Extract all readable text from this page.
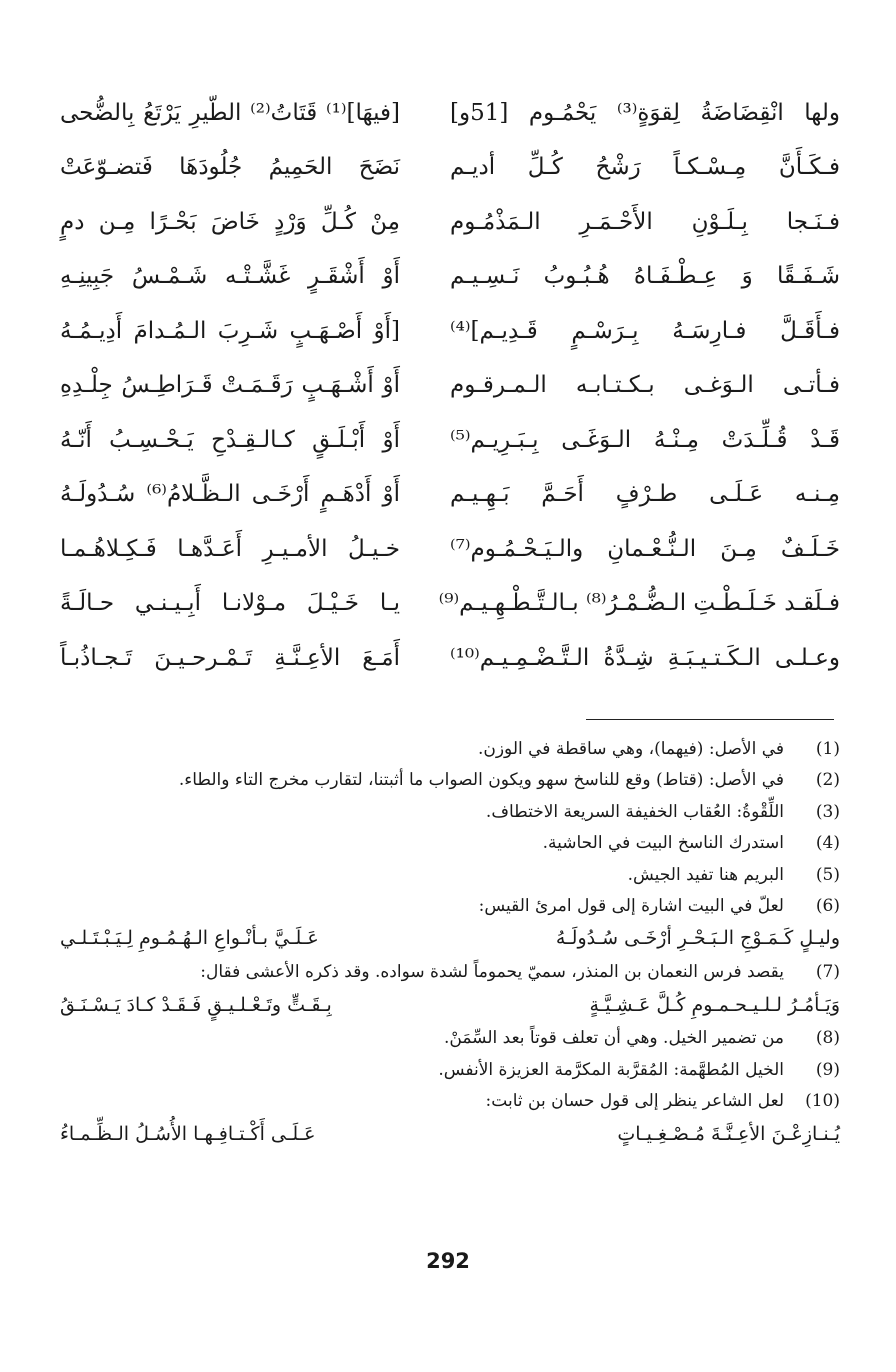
[فيهَا]⁽¹⁾ قَتَاتُ⁽²⁾ الطّيرِ يَرْتَعُ بِالضُّحى ولها انْقِضَاضَةُ لِقوَةٍ⁽³⁾ يَحْمُـوم [51و]
نَضَحَ الحَمِيمُ جُلُودَهَا فَتضـوّعَتْ فـكَـأَنَّ مِـسْـكـاً رَشْحُ كُـلِّ أديـم
مِنْ كُـلِّ وَرْدٍ خَاضَ بَحْـرًا مِـن دمٍ فـنَـجا بِـلَـوْنِ الأَحْـمَـرِ الـمَذْمُـوم
أَوْ أَشْقَـرٍ غَشَّـتْـه شَـمْـسُ جَبِينِـهِ شَـفَـقًا وَ عِـطْـفَـاهُ هُـبُـوبُ نَـسِـيـم
[أَوْ أَصْـهَـبٍ شَـرِبَ الـمُـدامَ أَدِيـمُـهُ فـأَقَـلَّ فـارِسَـهُ بِـرَسْـمٍ قَـدِيـم]⁽⁴⁾
أَوْ أَشْـهَـبٍ رَقَـمَـتْ قَـرَاطِـسُ جِلْـدِهِ فـأتـى الـوَغـى بـكـتـابـه الـمـرقـوم
أَوْ أَبْـلَـقٍ كـالـقِـدْحِ يَـحْـسِـبُ أَنّـهُ قَـدْ قُـلِّـدَتْ مِـنْـهُ الـوَغَـى بِـبَـرِيـم⁽⁵⁾
أَوْ أَدْهَـمٍ أَرْخَـى الـظَّـلامُ⁽⁶⁾ سُـدُولَـهُ مِـنـه عَـلَـى طـرْفٍ أَحَـمَّ بَـهِـيـم
خـيـلُ الأمـيـرِ أَعَـدَّهـا فَـكِـلاهُـمـا خَـلَـفٌ مِـنَ الـنُّـعْـمانِ والـيَـحْـمُـوم⁽⁷⁾
يـا خَـيْـلَ مـوْلانـا أَبِـيـنـي حـالَـةً فـلَقـد خَـلَـطْـتِ الـضُّـمْـرُ⁽⁸⁾ بـالـتَّـطْـهِـيـم⁽⁹⁾
أَمَـعَ الأعِـنَّـةِ تَـمْـرحـيـنَ تَـجـاذُبـاً وعـلـى الـكَـتـيـبَـةِ شِـدَّةُ الـتَّـضْـمِـيـم⁽¹⁰⁾
(1)
في الأصل: (فيهما)، وهي ساقطة في الوزن.
(2)
في الأصل: (قتاط) وقع للناسخ سهو ويكون الصواب ما أثبتنا، لتقارب مخرج التاء والطاء.
(3)
اللِّقْوةُ: العُقاب الخفيفة السريعة الاختطاف.
(4)
استدرك الناسخ البيت في الحاشية.
(5)
البريم هنا تفيد الجيش.
(6)
لعلّ في البيت اشارة إلى قول امرئ القيس:
وليـلٍ كَـمَـوْجِ الـبَـحْـرِ أرْخَـى سُـدُولَـهُ
عَـلَـيَّ بـأنْـواعِ الـهُـمُـومِ لِـيَـبْـتَـلـي
(7)
يقصد فرس النعمان بن المنذر، سميّ يحموماً لشدة سواده. وقد ذكره الأعشى فقال:
وَيَـأمُـرُ لـلـيـحـمـومِ كُـلَّ عَـشِـيَّـةٍ
بِـقَـتٍّ وتَـعْـلـيـقٍ فَـقَـدْ كـادَ يَـسْـنَـقُ
(8)
من تضمير الخيل. وهي أن تعلف قوتاً بعد السِّمَنْ.
(9)
الخيل المُطهَّمة: المُقرَّبة المكرَّمة العزيزة الأنفس.
(10)
لعل الشاعر ينظر إلى قول حسان بن ثابت:
يُـنـازِعْـنَ الأعِـنَّـةَ مُـصْـغِـيـاتٍ
عَـلَـى أَكْـتـافِـهـا الأُسُـلُ الـظِّـمـاءُ
292
